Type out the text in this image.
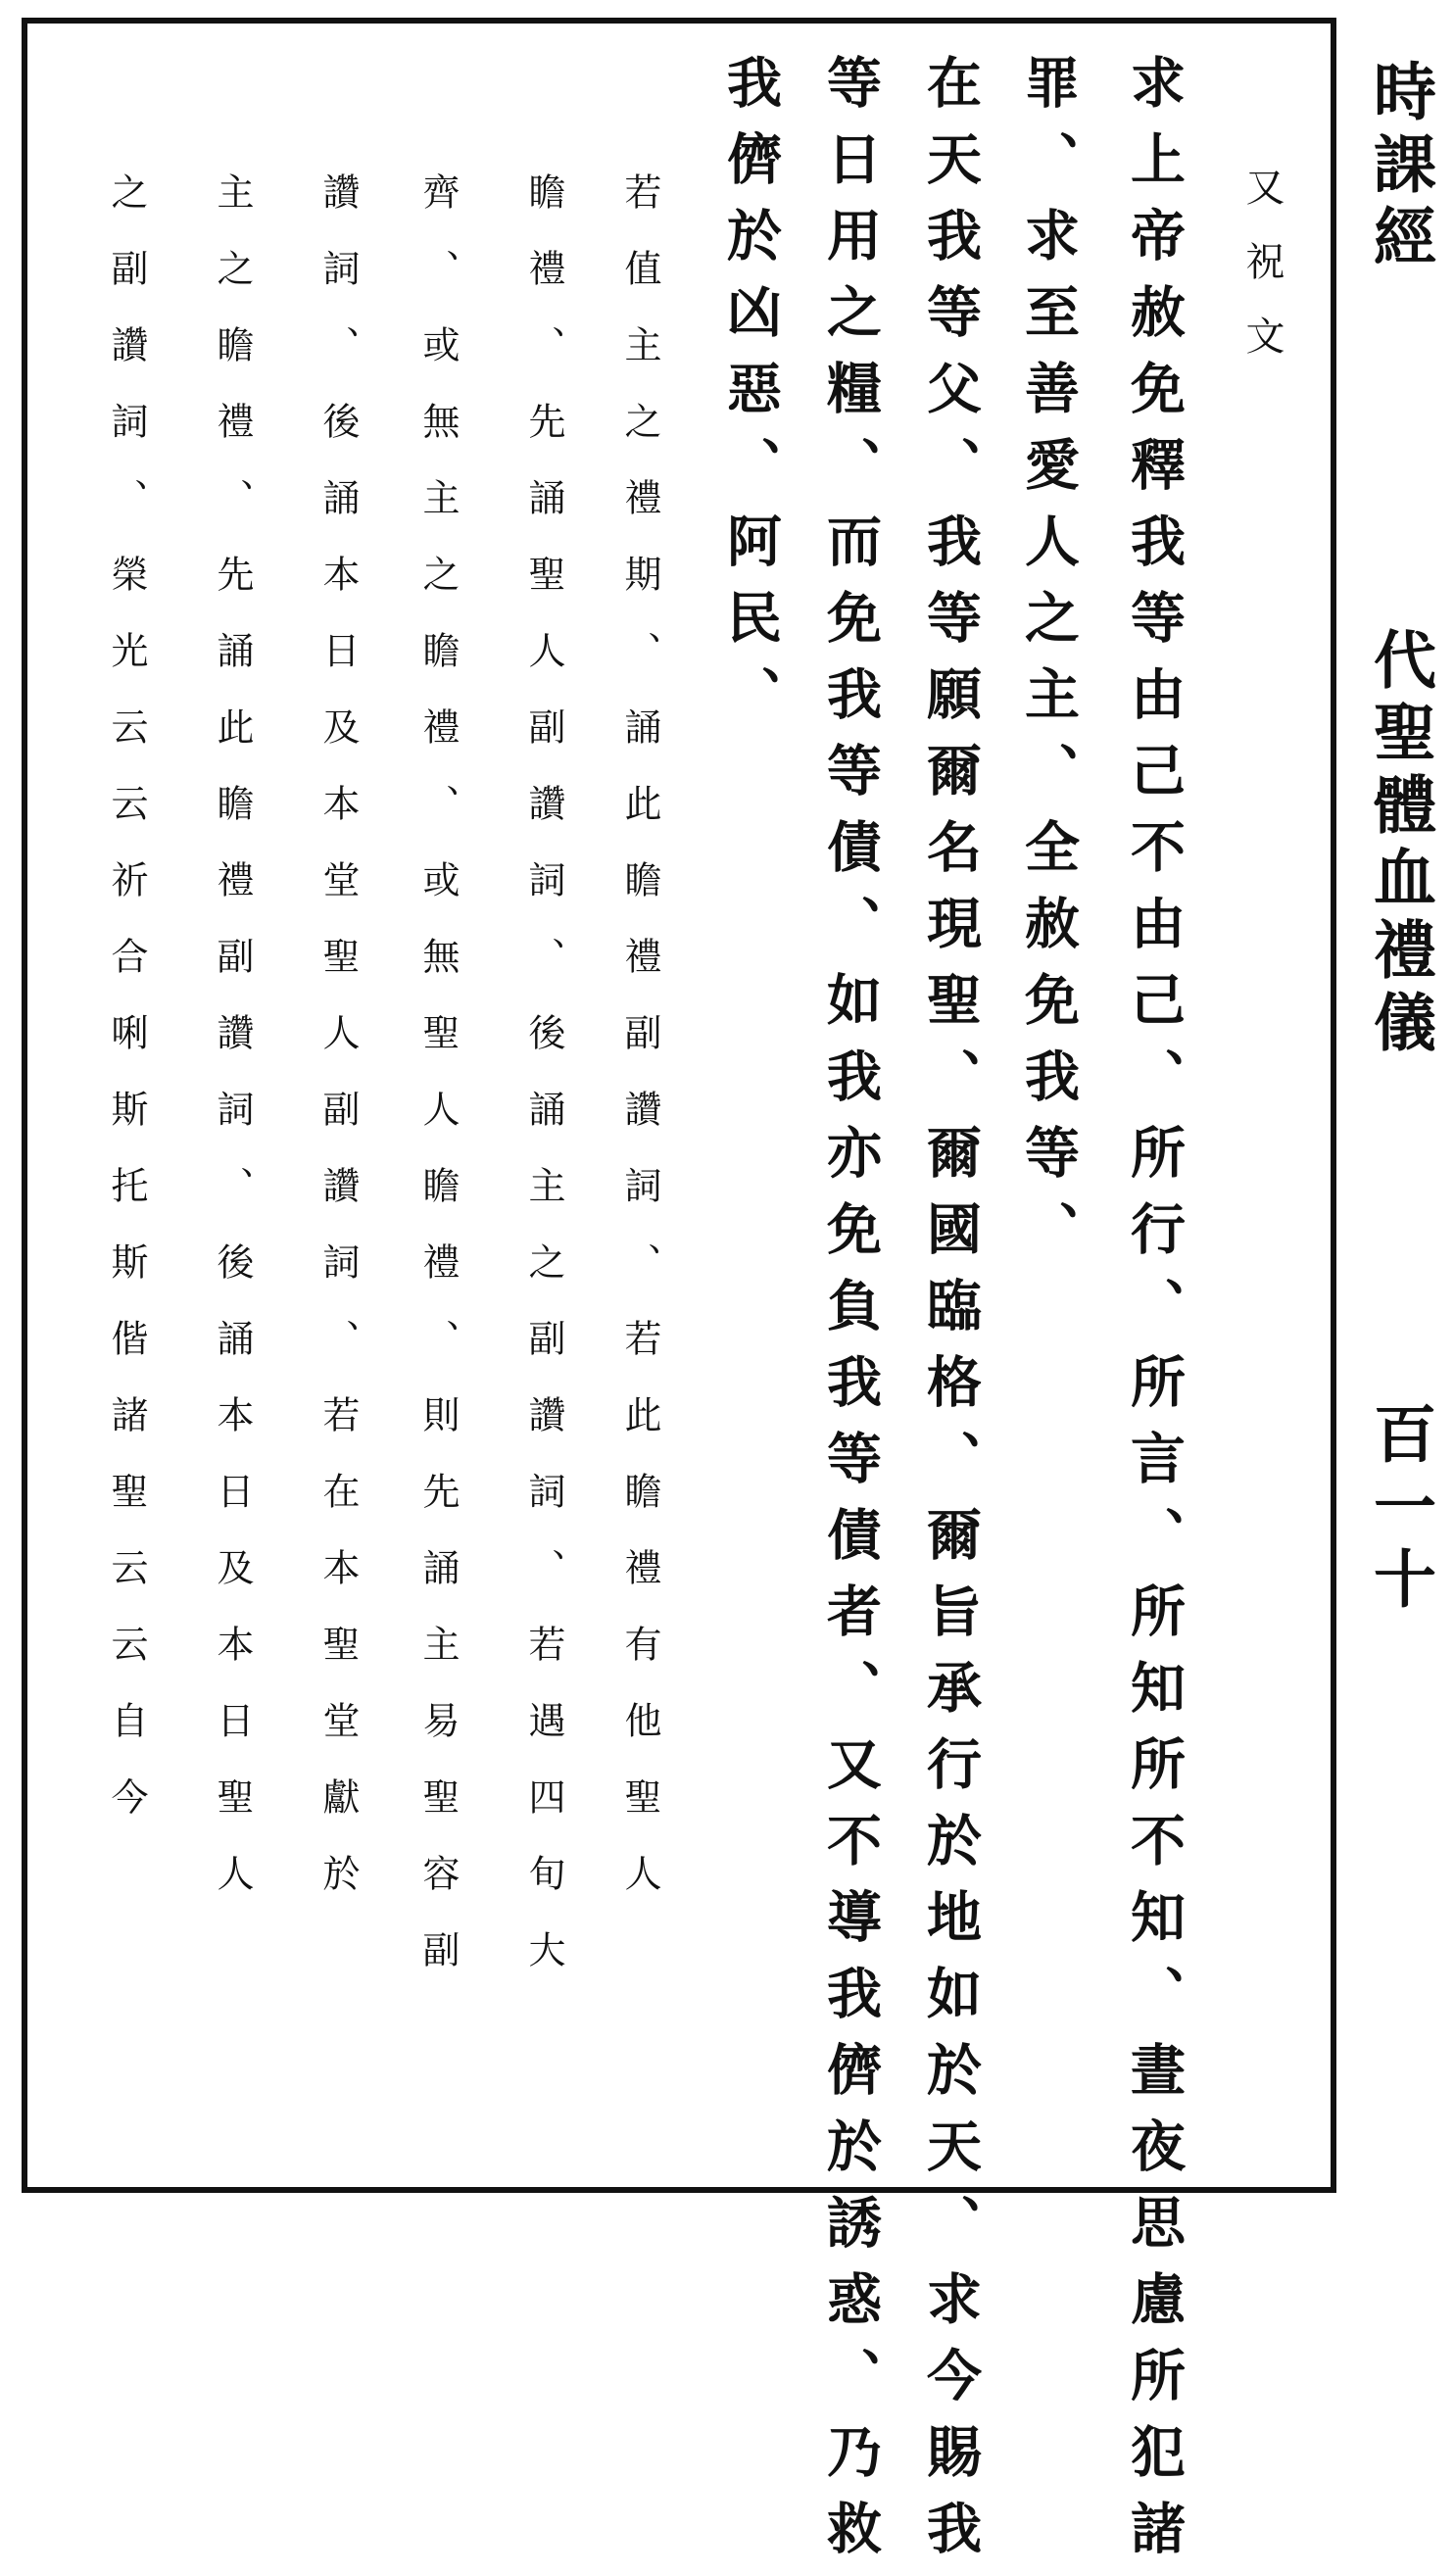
時課經
代聖體血禮儀
百一十
求上帝赦免釋我等由己不由己、所行、所言、所知所不知、晝夜思慮所犯諸
罪、求至善愛人之主、全赦免我等、
在天我等父、我等願爾名現聖、爾國臨格、爾旨承行於地如於天、求今賜我
等日用之糧、而免我等債、如我亦免負我等債者、又不導我儕於誘惑、乃救
我儕於凶惡、阿民、	又祝文
若值主之禮期、誦此瞻禮副讚詞、若此瞻禮有他聖人
瞻禮、先誦聖人副讚詞、後誦主之副讚詞、若遇四旬大
齊、或無主之瞻禮、或無聖人瞻禮、則先誦主易聖容副
讚詞、後誦本日及本堂聖人副讚詞、若在本聖堂獻於
主之瞻禮、先誦此瞻禮副讚詞、後誦本日及本日聖人
之副讚詞、榮光云云祈合唎斯托斯偕諸聖云云自今
